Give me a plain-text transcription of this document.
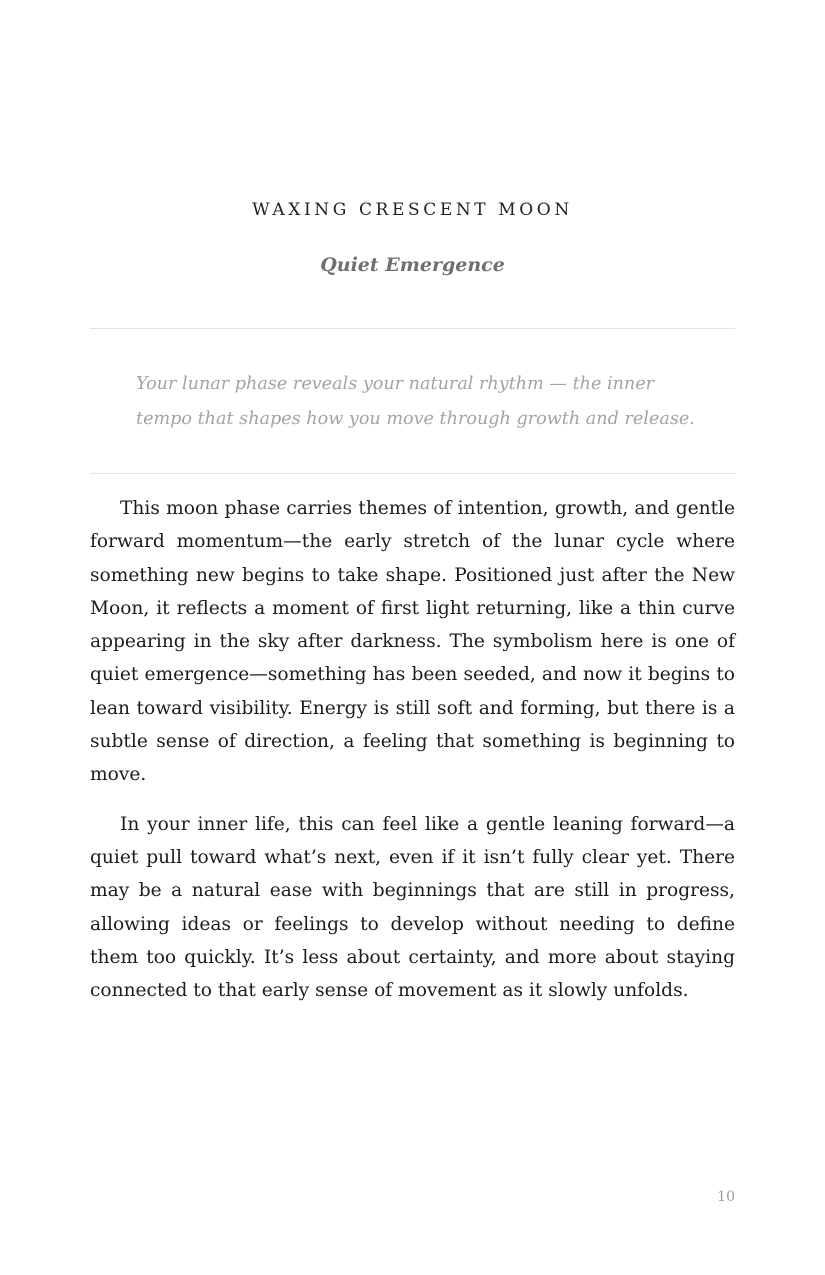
WAXING CRESCENT MOON
Quiet Emergence

Your lunar phase reveals your natural rhythm — the inner tempo that shapes how you move through growth and release.

This moon phase carries themes of intention, growth, and gentle forward momentum—the early stretch of the lunar cycle where something new begins to take shape. Positioned just after the New Moon, it reflects a moment of first light returning, like a thin curve appearing in the sky after darkness. The symbolism here is one of quiet emergence—something has been seeded, and now it begins to lean toward visibility. Energy is still soft and forming, but there is a subtle sense of direction, a feeling that something is beginning to move.

In your inner life, this can feel like a gentle leaning forward—a quiet pull toward what’s next, even if it isn’t fully clear yet. There may be a natural ease with beginnings that are still in progress, allowing ideas or feelings to develop without needing to define them too quickly. It’s less about certainty, and more about staying connected to that early sense of movement as it slowly unfolds.

10
